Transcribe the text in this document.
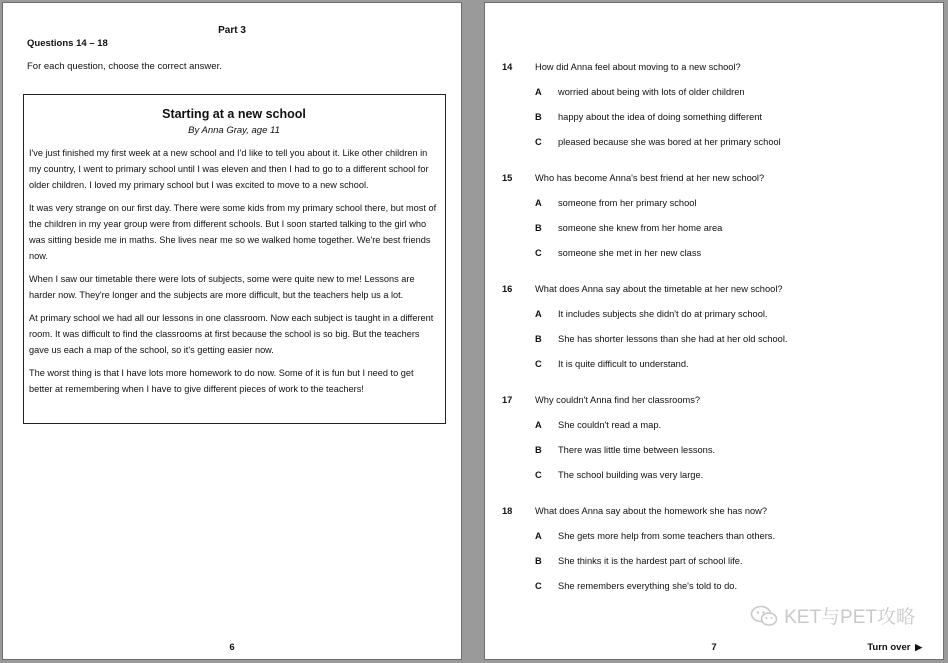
Part 3
Questions 14 – 18
For each question, choose the correct answer.
Starting at a new school
By Anna Gray, age 11

I've just finished my first week at a new school and I'd like to tell you about it. Like other children in my country, I went to primary school until I was eleven and then I had to go to a different school for older children. I loved my primary school but I was excited to move to a new school.

It was very strange on our first day. There were some kids from my primary school there, but most of the children in my year group were from different schools. But I soon started talking to the girl who was sitting beside me in maths. She lives near me so we walked home together. We're best friends now.

When I saw our timetable there were lots of subjects, some were quite new to me! Lessons are harder now. They're longer and the subjects are more difficult, but the teachers help us a lot.

At primary school we had all our lessons in one classroom. Now each subject is taught in a different room. It was difficult to find the classrooms at first because the school is so big. But the teachers gave us each a map of the school, so it's getting easier now.

The worst thing is that I have lots more homework to do now. Some of it is fun but I need to get better at remembering when I have to give different pieces of work to the teachers!

6
14 How did Anna feel about moving to a new school?
A worried about being with lots of older children
B happy about the idea of doing something different
C pleased because she was bored at her primary school
15 Who has become Anna's best friend at her new school?
A someone from her primary school
B someone she knew from her home area
C someone she met in her new class
16 What does Anna say about the timetable at her new school?
A It includes subjects she didn't do at primary school.
B She has shorter lessons than she had at her old school.
C It is quite difficult to understand.
17 Why couldn't Anna find her classrooms?
A She couldn't read a map.
B There was little time between lessons.
C The school building was very large.
18 What does Anna say about the homework she has now?
A She gets more help from some teachers than others.
B She thinks it is the hardest part of school life.
C She remembers everything she's told to do.
KET与PET攻略
7	Turn over ▶
